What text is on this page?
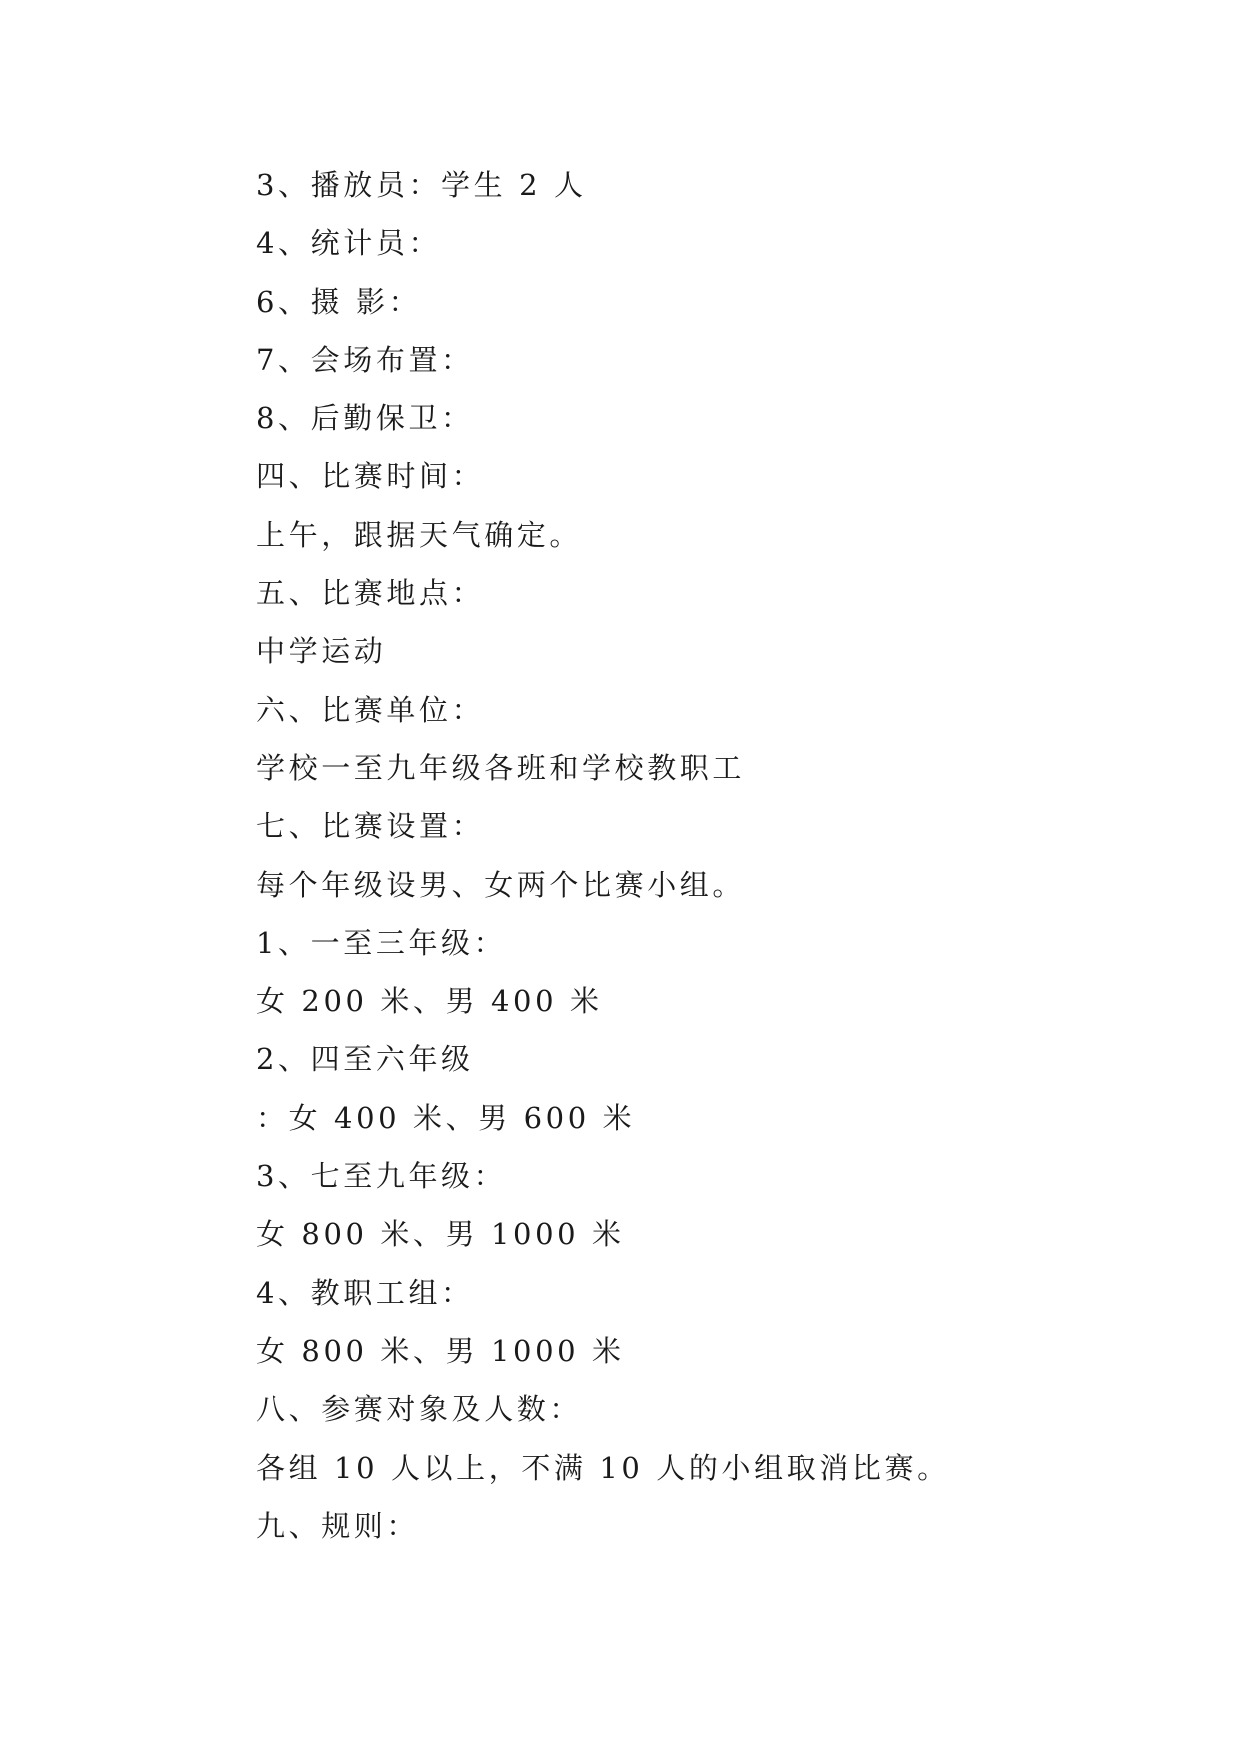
3、播放员：学生 2 人
4、统计员：
6、摄 影：
7、会场布置：
8、后勤保卫：
四、比赛时间：
上午，跟据天气确定。
五、比赛地点：
中学运动
六、比赛单位：
学校一至九年级各班和学校教职工
七、比赛设置：
每个年级设男、女两个比赛小组。
1、一至三年级：
女 200 米、男 400 米
2、四至六年级
：女 400 米、男 600 米
3、七至九年级：
女 800 米、男 1000 米
4、教职工组：
女 800 米、男 1000 米
八、参赛对象及人数：
各组 10 人以上，不满 10 人的小组取消比赛。
九、规则：
